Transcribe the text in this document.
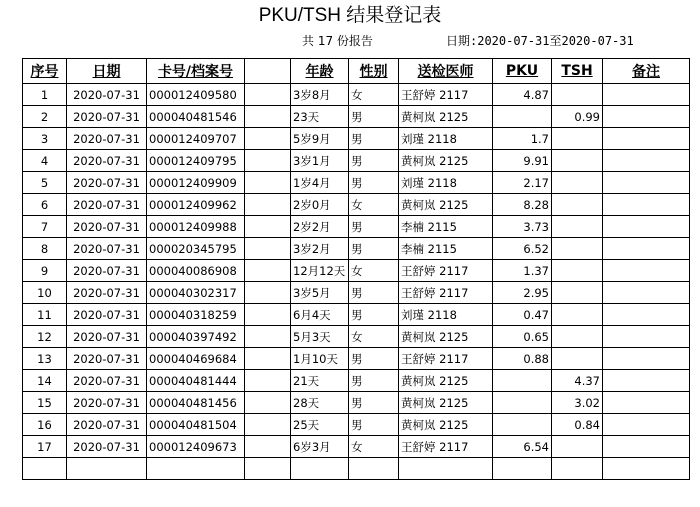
PKU/TSH 结果登记表
共 17 份报告	日期:2020-07-31至2020-07-31
序号	日期	卡号/档案号		年龄	性别	送检医师	PKU	TSH	备注
1	2020-07-31	000012409580		3岁8月	女	王舒婷 2117	4.87		
2	2020-07-31	000040481546		23天	男	黄柯岚 2125		0.99	
3	2020-07-31	000012409707		5岁9月	男	刘瑾 2118	1.7		
4	2020-07-31	000012409795		3岁1月	男	黄柯岚 2125	9.91		
5	2020-07-31	000012409909		1岁4月	男	刘瑾 2118	2.17		
6	2020-07-31	000012409962		2岁0月	女	黄柯岚 2125	8.28		
7	2020-07-31	000012409988		2岁2月	男	李楠 2115	3.73		
8	2020-07-31	000020345795		3岁2月	男	李楠 2115	6.52		
9	2020-07-31	000040086908		12月12天	女	王舒婷 2117	1.37		
10	2020-07-31	000040302317		3岁5月	男	王舒婷 2117	2.95		
11	2020-07-31	000040318259		6月4天	男	刘瑾 2118	0.47		
12	2020-07-31	000040397492		5月3天	女	黄柯岚 2125	0.65		
13	2020-07-31	000040469684		1月10天	男	王舒婷 2117	0.88		
14	2020-07-31	000040481444		21天	男	黄柯岚 2125		4.37	
15	2020-07-31	000040481456		28天	男	黄柯岚 2125		3.02	
16	2020-07-31	000040481504		25天	男	黄柯岚 2125		0.84	
17	2020-07-31	000012409673		6岁3月	女	王舒婷 2117	6.54		
